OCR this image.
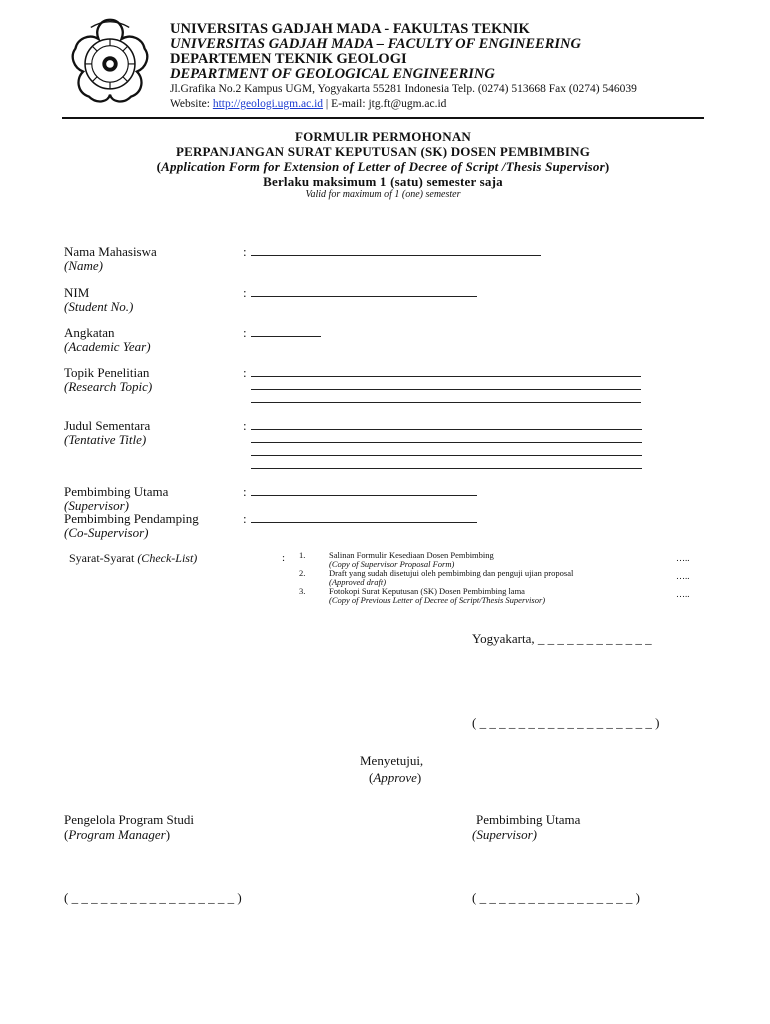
UNIVERSITAS GADJAH MADA - FAKULTAS TEKNIK
UNIVERSITAS GADJAH MADA – FACULTY OF ENGINEERING
DEPARTEMEN TEKNIK GEOLOGI
DEPARTMENT OF GEOLOGICAL ENGINEERING
Jl.Grafika No.2 Kampus UGM, Yogyakarta 55281 Indonesia Telp. (0274) 513668 Fax (0274) 546039
Website: http://geologi.ugm.ac.id | E-mail: jtg.ft@ugm.ac.id
FORMULIR PERMOHONAN
PERPANJANGAN SURAT KEPUTUSAN (SK) DOSEN PEMBIMBING
(Application Form for Extension of Letter of Decree of Script /Thesis Supervisor)
Berlaku maksimum 1 (satu) semester saja
Valid for maximum of 1 (one) semester
Nama Mahasiswa
(Name)
:
NIM
(Student No.)
:
Angkatan
(Academic Year)
:
Topik Penelitian
(Research Topic)
:
Judul Sementara
(Tentative Title)
:
Pembimbing Utama
(Supervisor)
:
Pembimbing Pendamping
(Co-Supervisor)
:
Syarat-Syarat (Check-List)	: 1.	Salinan Formulir Kesediaan Dosen Pembimbing
(Copy of Supervisor Proposal Form)
…..
2.	Draft yang sudah disetujui oleh pembimbing dan penguji ujian proposal
(Approved draft)
…..
3.	Fotokopi Surat Keputusan (SK) Dosen Pembimbing lama
(Copy of Previous Letter of Decree of Script/Thesis Supervisor)
…..
Yogyakarta, _ _ _ _ _ _ _ _ _ _ _ _
( _ _ _ _ _ _ _ _ _ _ _ _ _ _ _ _ _ _ )
Menyetujui,
(Approve)
Pengelola Program Studi
(Program Manager)
Pembimbing Utama
(Supervisor)
( _ _ _ _ _ _ _ _ _ _ _ _ _ _ _ _ _ )	( _ _ _ _ _ _ _ _ _ _ _ _ _ _ _ _ )
